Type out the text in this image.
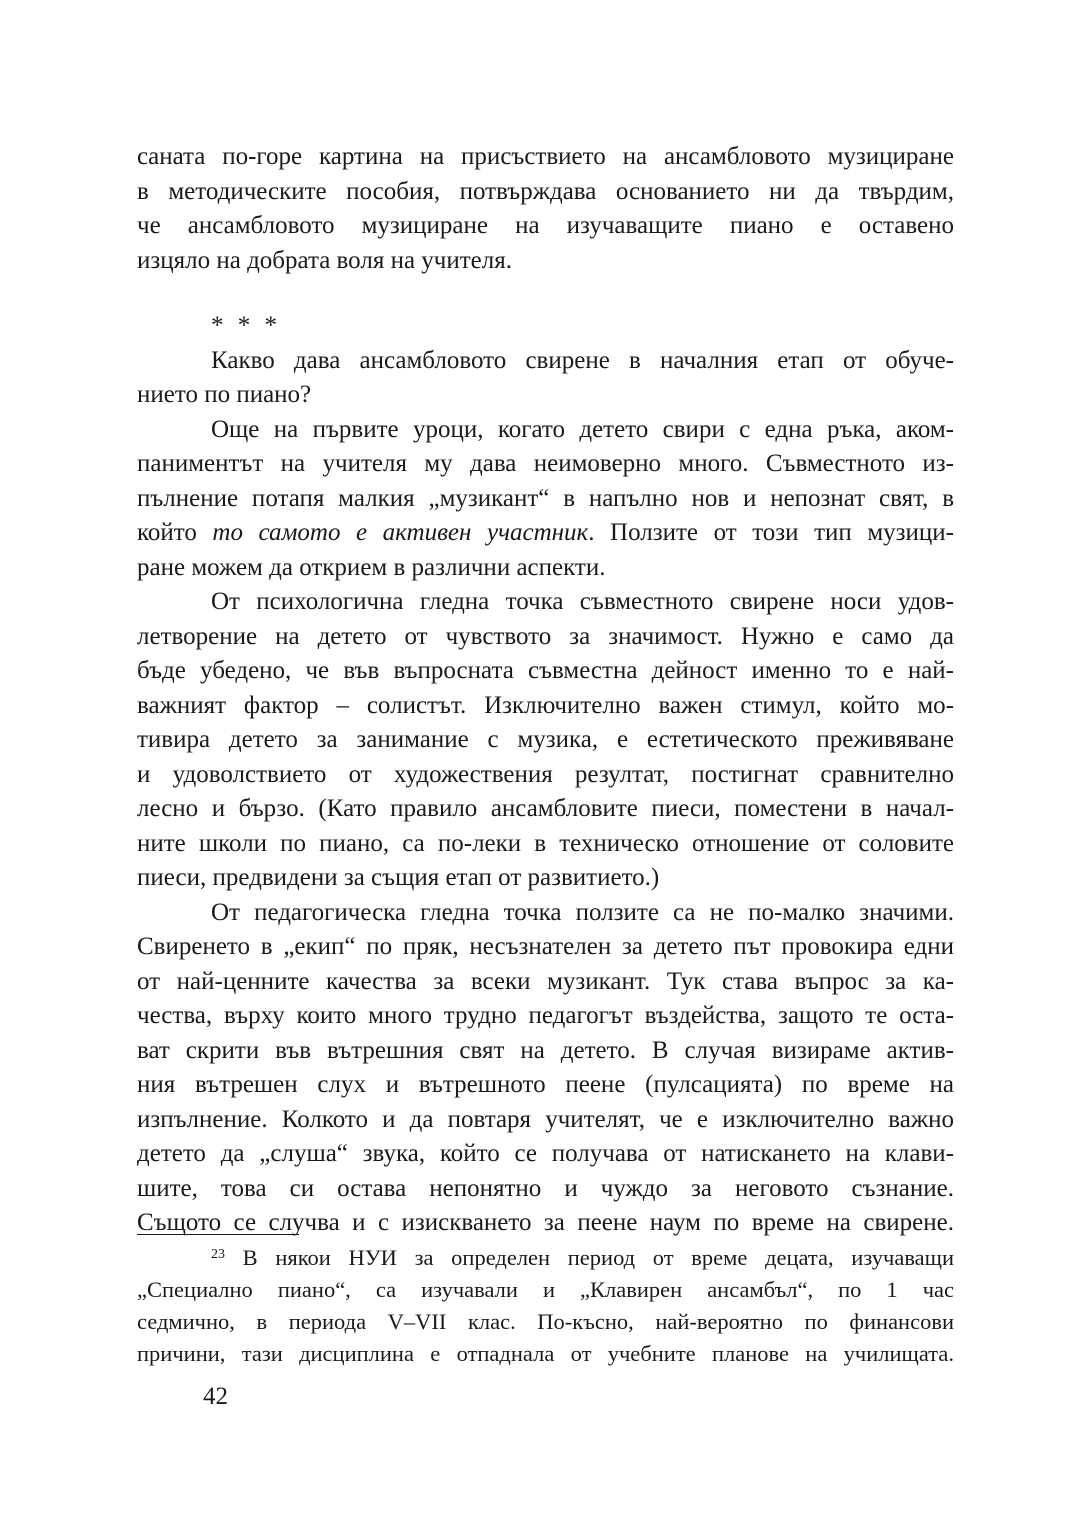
сaната по-горе картина на присъствието на ансамбловото музициране

в методическите пособия, потвърждава основанието ни да твърдим,

че ансамбловото музициране на изучаващите пиано е оставено

изцяло на добрата воля на учителя.

* * *

Какво дава ансамбловото свирене в началния етап от обуче-

нието по пиано?

Още на първите уроци, когато детето свири с една ръка, аком-

паниментът на учителя му дава неимоверно много. Съвместното из-

пълнение потапя малкия „музикант“ в напълно нов и непознат свят, в

който то самото е активен участник. Ползите от този тип музици-

ране можем да открием в различни аспекти.

От психологична гледна точка съвместното свирене носи удов-

летворение на детето от чувството за значимост. Нужно е само да

бъде убедено, че във въпросната съвместна дейност именно то е най-

важният фактор – солистът. Изключително важен стимул, който мо-

тивира детето за занимание с музика, е естетическото преживяване

и удоволствието от художествения резултат, постигнат сравнително

лесно и бързо. (Като правило ансамбловите пиеси, поместени в начал-

ните школи по пиано, са по-леки в техническо отношение от соловите

пиеси, предвидени за същия етап от развитието.)

От педагогическа гледна точка ползите са не по-малко значими.

Свиренето в „екип“ по пряк, несъзнателен за детето път провокира едни

от най-ценните качества за всеки музикант. Тук става въпрос за ка-

чества, върху които много трудно педагогът въздейства, защото те оста-

ват скрити във вътрешния свят на детето. В случая визираме актив-

ния вътрешен слух и вътрешното пеене (пулсацията) по време на

изпълнение. Колкото и да повтаря учителят, че е изключително важно

детето да „слуша“ звука, който се получава от натискането на клави-

шите, това си остава непонятно и чуждо за неговото съзнание.

Същото се случва и с изискването за пеене наум по време на свирене.

$^{23}$ В някои НУИ за определен период от време децата, изучаващи

„Специално пиано“, са изучавали и „Клавирен ансамбъл“, по 1 час

седмично, в периода V–VII клас. По-късно, най-вероятно по финансови

причини, тази дисциплина е отпаднала от учебните планове на училищата.

42
